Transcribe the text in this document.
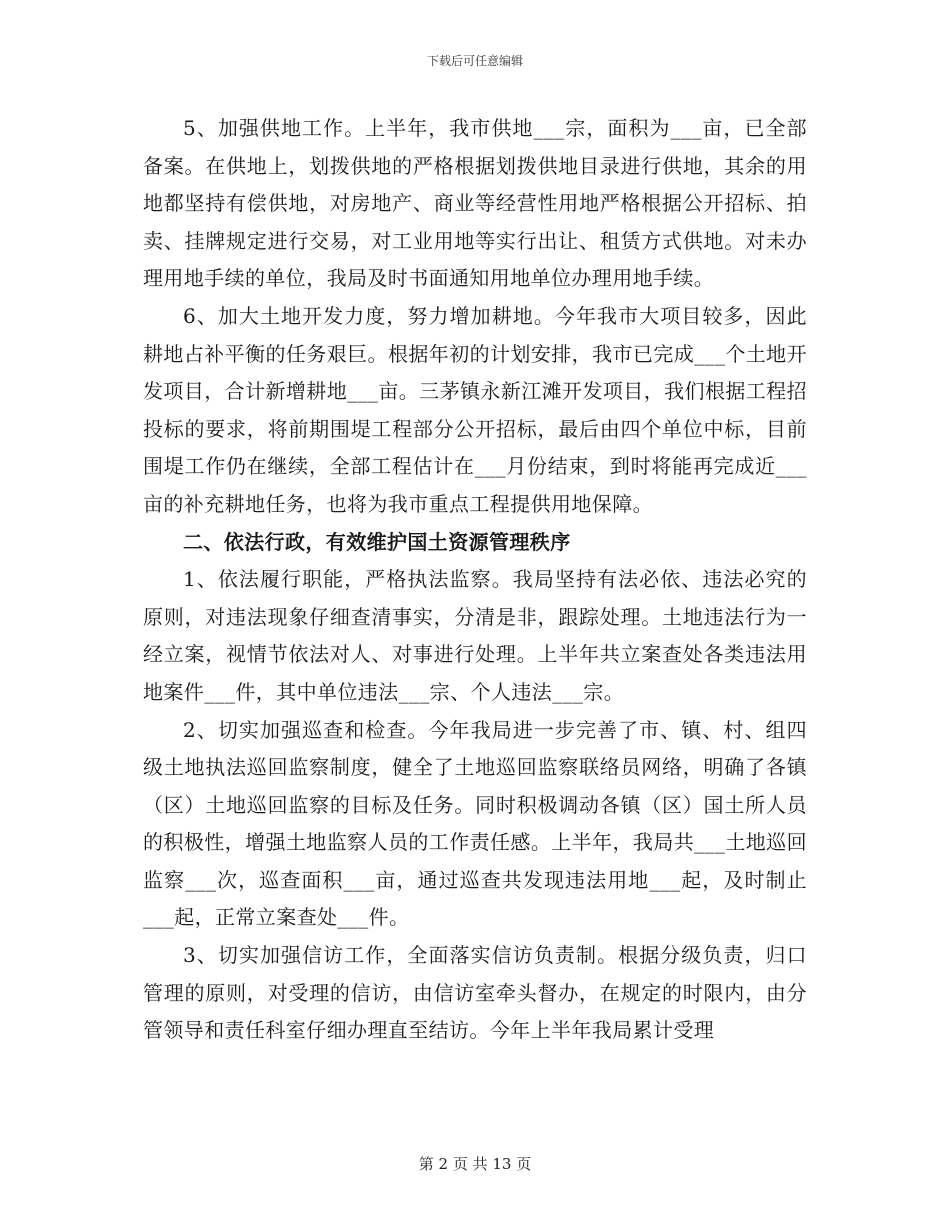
下载后可任意编辑

5、加强供地工作。上半年，我市供地___宗，面积为___亩，已全部备案。在供地上，划拨供地的严格根据划拨供地目录进行供地，其余的用地都坚持有偿供地，对房地产、商业等经营性用地严格根据公开招标、拍卖、挂牌规定进行交易，对工业用地等实行出让、租赁方式供地。对未办理用地手续的单位，我局及时书面通知用地单位办理用地手续。

6、加大土地开发力度，努力增加耕地。今年我市大项目较多，因此耕地占补平衡的任务艰巨。根据年初的计划安排，我市已完成___个土地开发项目，合计新增耕地___亩。三茅镇永新江滩开发项目，我们根据工程招投标的要求，将前期围堤工程部分公开招标，最后由四个单位中标，目前围堤工作仍在继续，全部工程估计在___月份结束，到时将能再完成近___亩的补充耕地任务，也将为我市重点工程提供用地保障。

二、依法行政，有效维护国土资源管理秩序

1、依法履行职能，严格执法监察。我局坚持有法必依、违法必究的原则，对违法现象仔细查清事实，分清是非，跟踪处理。土地违法行为一经立案，视情节依法对人、对事进行处理。上半年共立案查处各类违法用地案件___件，其中单位违法___宗、个人违法___宗。

2、切实加强巡查和检查。今年我局进一步完善了市、镇、村、组四级土地执法巡回监察制度，健全了土地巡回监察联络员网络，明确了各镇（区）土地巡回监察的目标及任务。同时积极调动各镇（区）国土所人员的积极性，增强土地监察人员的工作责任感。上半年，我局共___土地巡回监察___次，巡查面积___亩，通过巡查共发现违法用地___起，及时制止___起，正常立案查处___件。

3、切实加强信访工作，全面落实信访负责制。根据分级负责，归口管理的原则，对受理的信访，由信访室牵头督办，在规定的时限内，由分管领导和责任科室仔细办理直至结访。今年上半年我局累计受理

第 2 页 共 13 页
